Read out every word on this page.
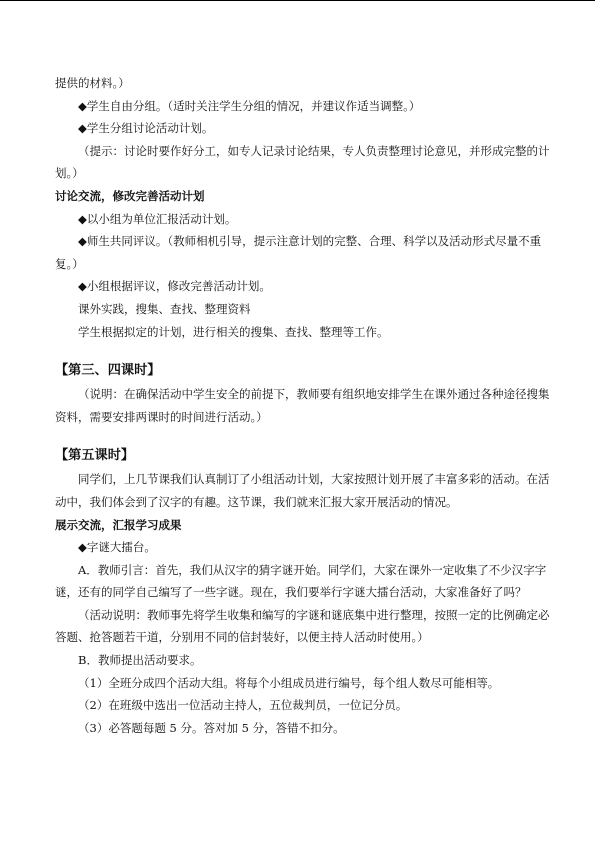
提供的材料。）

◆学生自由分组。（适时关注学生分组的情况，并建议作适当调整。）

◆学生分组讨论活动计划。

（提示：讨论时要作好分工，如专人记录讨论结果，专人负责整理讨论意见，并形成完整的计划。）

讨论交流，修改完善活动计划

◆以小组为单位汇报活动计划。

◆师生共同评议。（教师相机引导，提示注意计划的完整、合理、科学以及活动形式尽量不重复。）

◆小组根据评议，修改完善活动计划。

课外实践，搜集、查找、整理资料

学生根据拟定的计划，进行相关的搜集、查找、整理等工作。

【第三、四课时】

（说明：在确保活动中学生安全的前提下，教师要有组织地安排学生在课外通过各种途径搜集资料，需要安排两课时的时间进行活动。）

【第五课时】

同学们，上几节课我们认真制订了小组活动计划，大家按照计划开展了丰富多彩的活动。在活动中，我们体会到了汉字的有趣。这节课，我们就来汇报大家开展活动的情况。

展示交流，汇报学习成果

◆字谜大擂台。

A．教师引言：首先，我们从汉字的猜字谜开始。同学们，大家在课外一定收集了不少汉字字谜，还有的同学自己编写了一些字谜。现在，我们要举行字谜大擂台活动，大家准备好了吗？

（活动说明：教师事先将学生收集和编写的字谜和谜底集中进行整理，按照一定的比例确定必答题、抢答题若干道，分别用不同的信封装好，以便主持人活动时使用。）

B．教师提出活动要求。

（1）全班分成四个活动大组。将每个小组成员进行编号，每个组人数尽可能相等。

（2）在班级中选出一位活动主持人，五位裁判员，一位记分员。

（3）必答题每题 5 分。答对加 5 分，答错不扣分。
